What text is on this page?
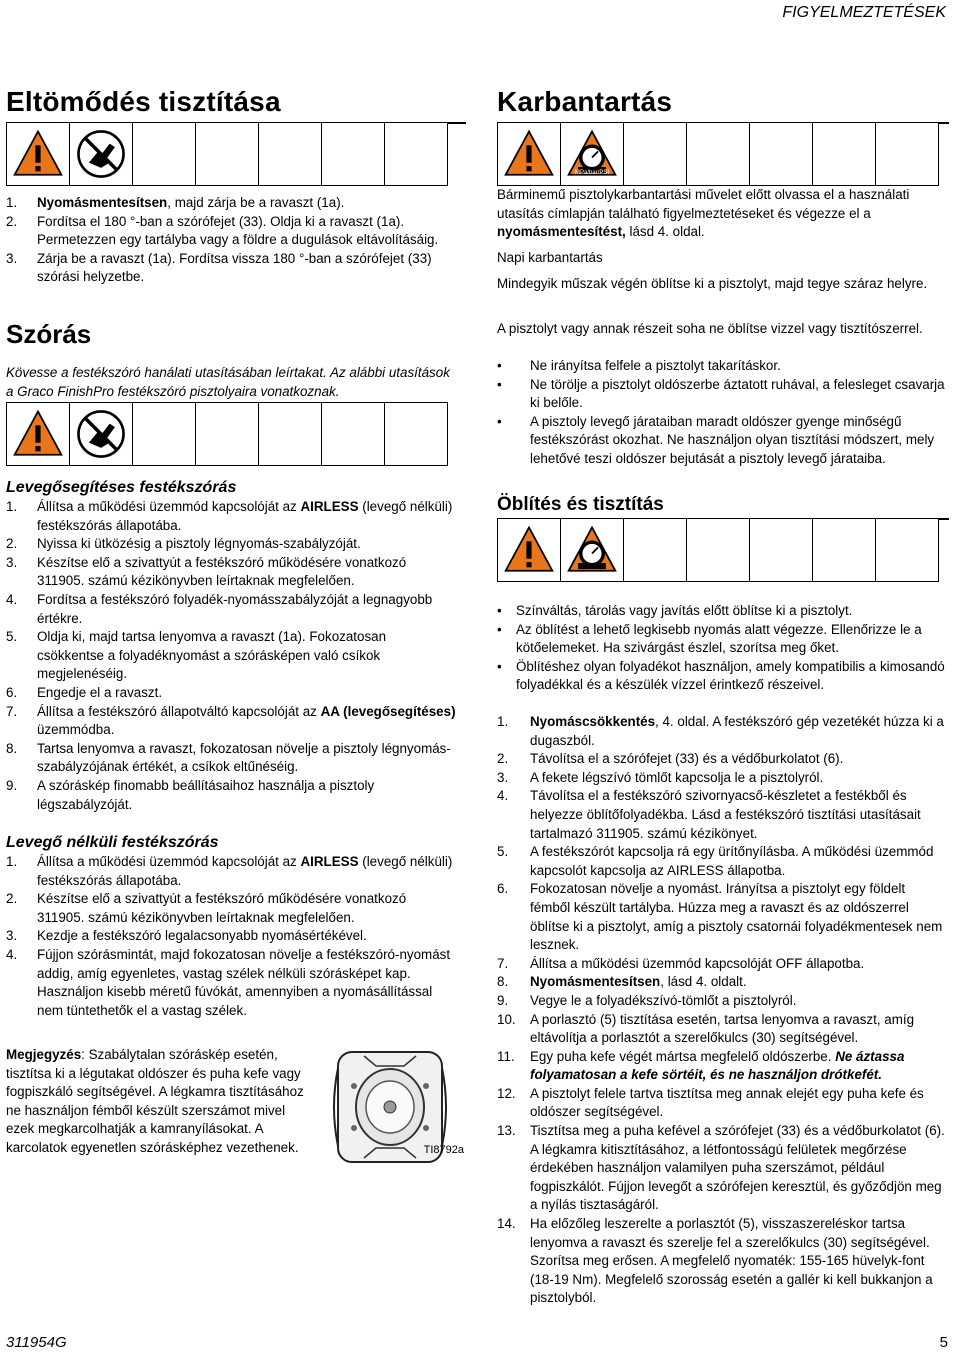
FIGYELMEZTETÉSEK
Eltömődés tisztítása
1. Nyomásmentesítsen, majd zárja be a ravaszt (1a).
2. Fordítsa el 180 °-ban a szórófejet (33). Oldja ki a ravaszt (1a). Permetezzen egy tartályba vagy a földre a dugulások eltávolításáig.
3. Zárja be a ravaszt (1a). Fordítsa vissza 180 °-ban a szórófejet (33) szórási helyzetbe.
Szórás
Kövesse a festékszóró hanálati utasításában leírtakat. Az alábbi utasítások a Graco FinishPro festékszóró pisztolyaira vonatkoznak.
Levegősegítéses festékszórás
1. Állítsa a működési üzemmód kapcsolóját az AIRLESS (levegő nélküli) festékszórás állapotába.
2. Nyissa ki ütközésig a pisztoly légnyomás-szabályzóját.
3. Készítse elő a szivattyút a festékszóró működésére vonatkozó 311905. számú kézikönyvben leírtaknak megfelelően.
4. Fordítsa a festékszóró folyadék-nyomásszabályzóját a legnagyobb értékre.
5. Oldja ki, majd tartsa lenyomva a ravaszt (1a). Fokozatosan csökkentse a folyadéknyomást a szórásképen való csíkok megjelenéséig.
6. Engedje el a ravaszt.
7. Állítsa a festékszóró állapotváltó kapcsolóját az AA (levegősegítéses) üzemmódba.
8. Tartsa lenyomva a ravaszt, fokozatosan növelje a pisztoly légnyomás-szabályzójának értékét, a csíkok eltűnéséig.
9. A szóráskép finomabb beállításaihoz használja a pisztoly légszabályzóját.
Levegő nélküli festékszórás
1. Állítsa a működési üzemmód kapcsolóját az AIRLESS (levegő nélküli) festékszórás állapotába.
2. Készítse elő a szivattyút a festékszóró működésére vonatkozó 311905. számú kézikönyvben leírtaknak megfelelően.
3. Kezdje a festékszóró legalacsonyabb nyomásértékével.
4. Fújjon szórásmintát, majd fokozatosan növelje a festékszóró-nyomást addig, amíg egyenletes, vastag szélek nélküli szórásképet kap. Használjon kisebb méretű fúvókát, amennyiben a nyomásállítással nem tüntethetők el a vastag szélek.
Megjegyzés: Szabálytalan szóráskép esetén, tisztítsa ki a légutakat oldószer és puha kefe vagy fogpiszkáló segítségével. A légkamra tisztításához ne használjon fémből készült szerszámot mivel ezek megkarcolhatják a kamranyílásokat. A karcolatok egyenetlen szórásképhez vezethenek.	TI8792a
Karbantartás
MPa/bar/PSI
Bárminemű pisztolykarbantartási művelet előtt olvassa el a használati utasítás címlapján található figyelmeztetéseket és végezze el a nyomásmentesítést, lásd 4. oldal.
Napi karbantartás
Mindegyik műszak végén öblítse ki a pisztolyt, majd tegye száraz helyre.
A pisztolyt vagy annak részeit soha ne öblítse vizzel vagy tisztítószerrel.
• Ne irányítsa felfele a pisztolyt takarításkor.
• Ne törölje a pisztolyt oldószerbe áztatott ruhával, a felesleget csavarja ki belőle.
• A pisztoly levegő járataiban maradt oldószer gyenge minőségű festékszórást okozhat. Ne használjon olyan tisztítási módszert, mely lehetővé teszi oldószer bejutását a pisztoly levegő járataiba.
Öblítés és tisztítás
• Színváltás, tárolás vagy javítás előtt öblítse ki a pisztolyt.
• Az öblítést a lehető legkisebb nyomás alatt végezze. Ellenőrizze le a kötőelemeket. Ha szivárgást észlel, szorítsa meg őket.
• Öblítéshez olyan folyadékot használjon, amely kompatibilis a kimosandó folyadékkal és a készülék vízzel érintkező részeivel.
1. Nyomáscsökkentés, 4. oldal. A festékszóró gép vezetékét húzza ki a dugaszból.
2. Távolítsa el a szórófejet (33) és a védőburkolatot (6).
3. A fekete légszívó tömlőt kapcsolja le a pisztolyról.
4. Távolítsa el a festékszóró szivornyacső-készletet a festékből és helyezze öblítőfolyadékba. Lásd a festékszóró tisztítási utasításait tartalmazó 311905. számú kézikönyet.
5. A festékszórót kapcsolja rá egy ürítőnyílásba. A működési üzemmód kapcsolót kapcsolja az AIRLESS állapotba.
6. Fokozatosan növelje a nyomást. Irányítsa a pisztolyt egy földelt fémből készült tartályba. Húzza meg a ravaszt és az oldószerrel öblítse ki a pisztolyt, amíg a pisztoly csatornái folyadékmentesek nem lesznek.
7. Állítsa a működési üzemmód kapcsolóját OFF állapotba.
8. Nyomásmentesítsen, lásd 4. oldalt.
9. Vegye le a folyadékszívó-tömlőt a pisztolyról.
10. A porlasztó (5) tisztítása esetén, tartsa lenyomva a ravaszt, amíg eltávolítja a porlasztót a szerelőkulcs (30) segítségével.
11. Egy puha kefe végét mártsa megfelelő oldószerbe. Ne áztassa folyamatosan a kefe sörtéit, és ne használjon drótkefét.
12. A pisztolyt felele tartva tisztítsa meg annak elejét egy puha kefe és oldószer segítségével.
13. Tisztítsa meg a puha kefével a szórófejet (33) és a védőburkolatot (6). A légkamra kitisztításához, a létfontosságú felületek megőrzése érdekében használjon valamilyen puha szerszámot, például fogpiszkálót. Fújjon levegőt a szórófejen keresztül, és győződjön meg a nyílás tisztaságáról.
14. Ha előzőleg leszerelte a porlasztót (5), visszaszereléskor tartsa lenyomva a ravaszt és szerelje fel a szerelőkulcs (30) segítségével. Szorítsa meg erősen. A megfelelő nyomaték: 155-165 hüvelyk-font (18-19 Nm). Megfelelő szorosság esetén a gallér ki kell bukkanjon a pisztolyból.
311954G	5
